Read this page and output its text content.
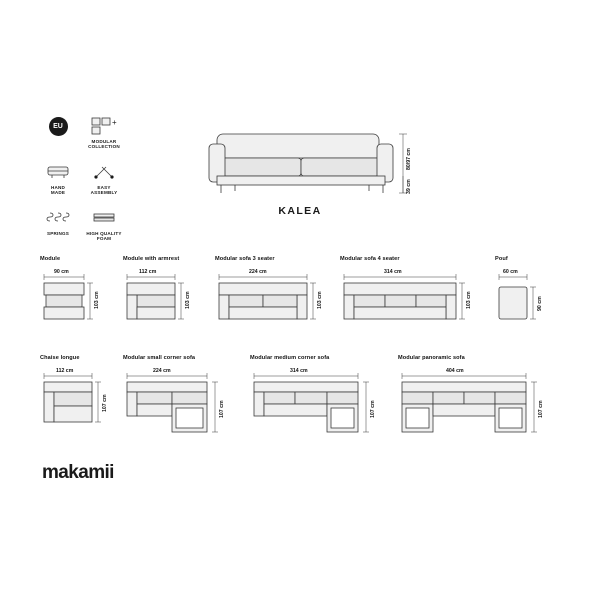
EU	+
MODULAR
COLLECTION
HAND
MADE
EASY
ASSEMBLY
SPRINGS	HIGH QUALITY
FOAM
80/97 cm
39 cm
KALEA
Module
90 cm
103 cm
Module with armrest
112 cm
103 cm
Modular sofa 3 seater
224 cm
103 cm
Modular sofa 4 seater
314 cm
103 cm
Pouf
60 cm
90 cm
Chaise longue
112 cm
107 cm
Modular small corner sofa
224 cm
107 cm
Modular medium corner sofa
314 cm
107 cm
Modular panoramic sofa
404 cm
107 cm
makamii
